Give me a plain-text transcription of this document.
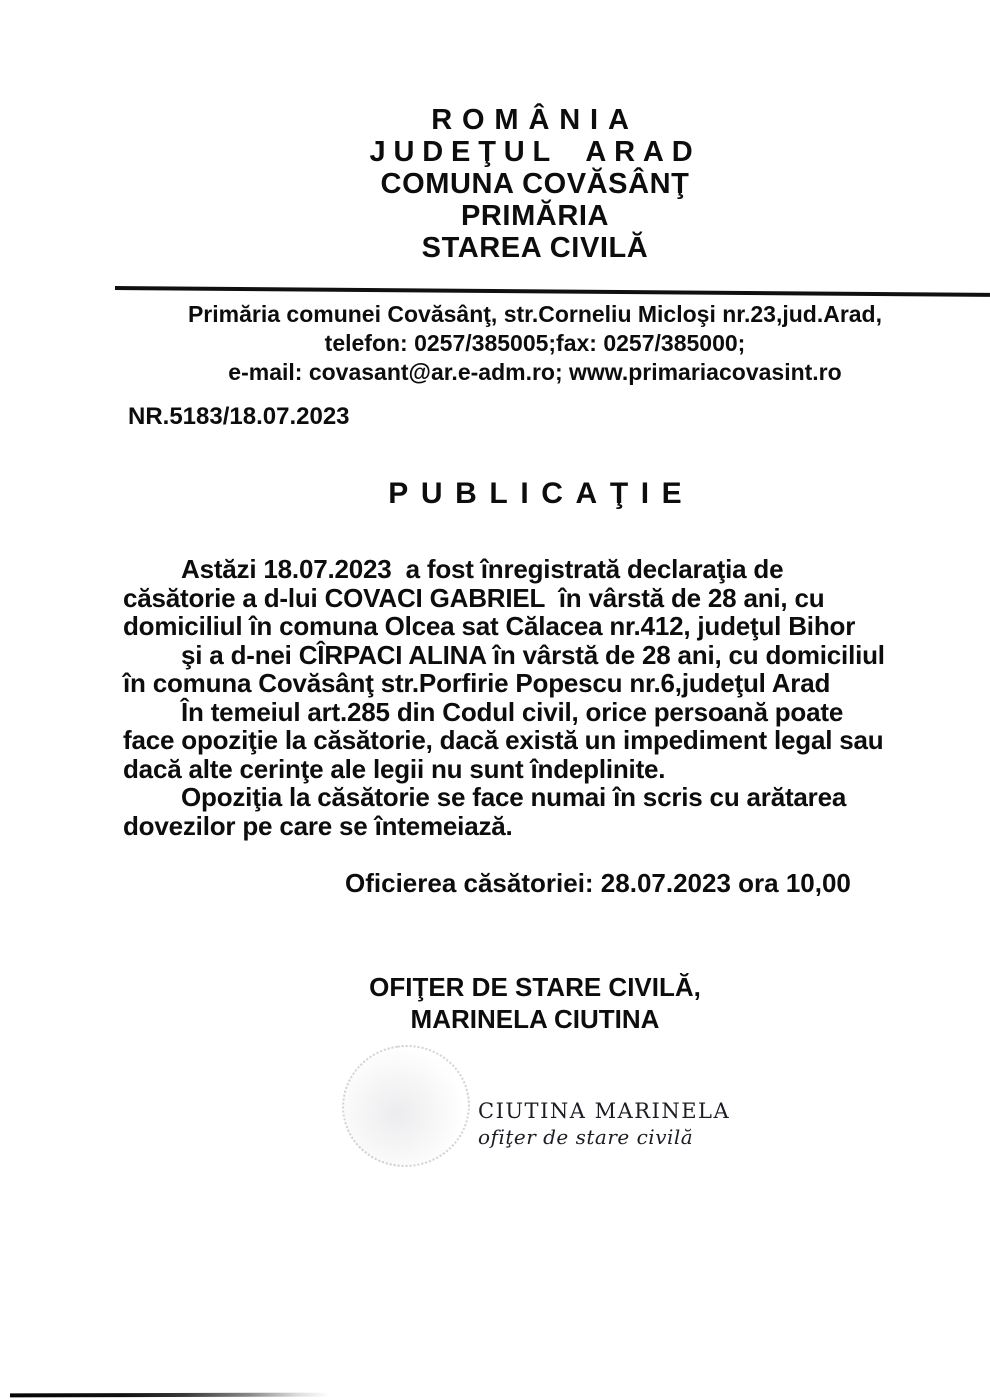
ROMÂNIA
JUDEŢUL ARAD
COMUNA COVĂSÂNŢ
PRIMĂRIA
STAREA CIVILĂ
Primăria comunei Covăsânţ, str.Corneliu Micloşi nr.23,jud.Arad,
telefon: 0257/385005;fax: 0257/385000;
e-mail: covasant@ar.e-adm.ro; www.primariacovasint.ro
NR.5183/18.07.2023
PUBLICAŢIE
Astăzi 18.07.2023  a fost înregistrată declaraţia de
căsătorie a d-lui COVACI GABRIEL  în vârstă de 28 ani, cu
domiciliul în comuna Olcea sat Călacea nr.412, judeţul Bihor
şi a d-nei CÎRPACI ALINA în vârstă de 28 ani, cu domiciliul
în comuna Covăsânţ str.Porfirie Popescu nr.6,judeţul Arad
În temeiul art.285 din Codul civil, orice persoană poate
face opoziţie la căsătorie, dacă există un impediment legal sau
dacă alte cerinţe ale legii nu sunt îndeplinite.
Opoziţia la căsătorie se face numai în scris cu arătarea
dovezilor pe care se întemeiază.
Oficierea căsătoriei: 28.07.2023 ora 10,00
OFIŢER DE STARE CIVILĂ,
MARINELA CIUTINA
CIUTINA MARINELA
ofiţer de stare civilă
